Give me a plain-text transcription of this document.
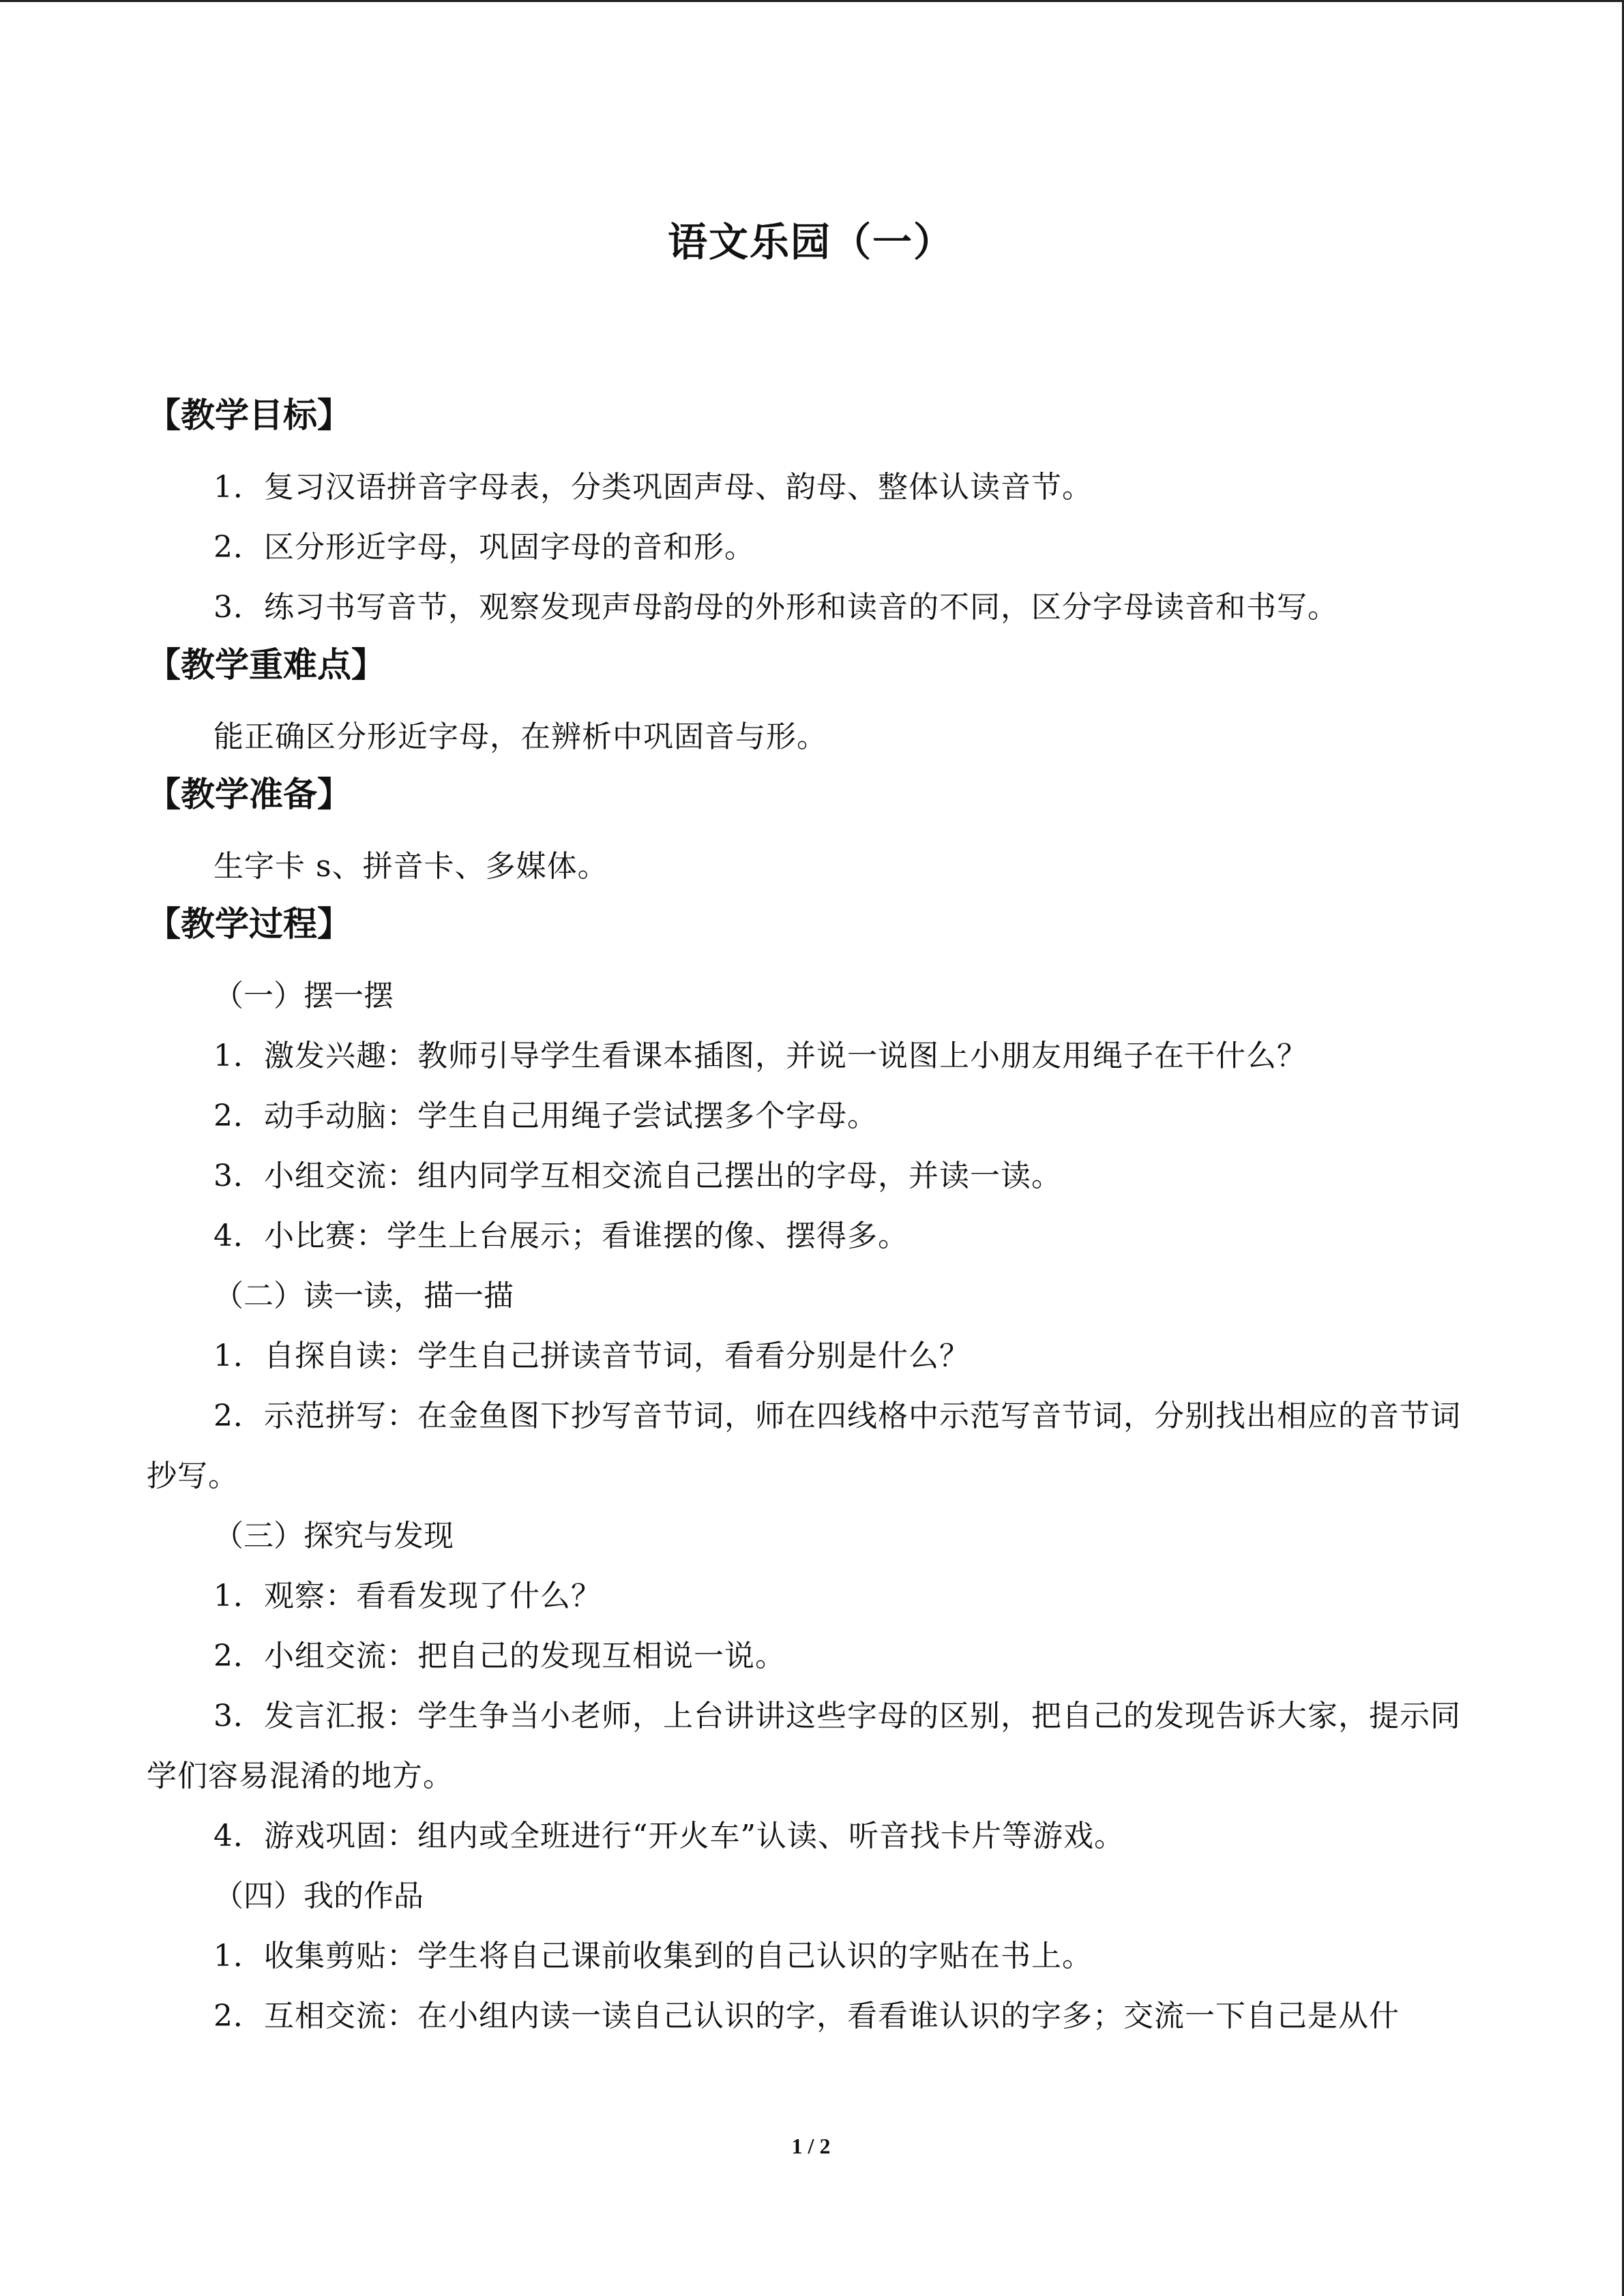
语文乐园（一）
【教学目标】
1．复习汉语拼音字母表，分类巩固声母、韵母、整体认读音节。
2．区分形近字母，巩固字母的音和形。
3．练习书写音节，观察发现声母韵母的外形和读音的不同，区分字母读音和书写。
【教学重难点】
能正确区分形近字母，在辨析中巩固音与形。
【教学准备】
生字卡 s、拼音卡、多媒体。
【教学过程】
（一）摆一摆
1．激发兴趣：教师引导学生看课本插图，并说一说图上小朋友用绳子在干什么？
2．动手动脑：学生自己用绳子尝试摆多个字母。
3．小组交流：组内同学互相交流自己摆出的字母，并读一读。
4．小比赛：学生上台展示；看谁摆的像、摆得多。
（二）读一读，描一描
1．自探自读：学生自己拼读音节词，看看分别是什么？
2．示范拼写：在金鱼图下抄写音节词，师在四线格中示范写音节词，分别找出相应的音节词抄写。
（三）探究与发现
1．观察：看看发现了什么？
2．小组交流：把自己的发现互相说一说。
3．发言汇报：学生争当小老师，上台讲讲这些字母的区别，把自己的发现告诉大家，提示同学们容易混淆的地方。
4．游戏巩固：组内或全班进行“开火车”认读、听音找卡片等游戏。
（四）我的作品
1．收集剪贴：学生将自己课前收集到的自己认识的字贴在书上。
2．互相交流：在小组内读一读自己认识的字，看看谁认识的字多；交流一下自己是从什
1 / 2
